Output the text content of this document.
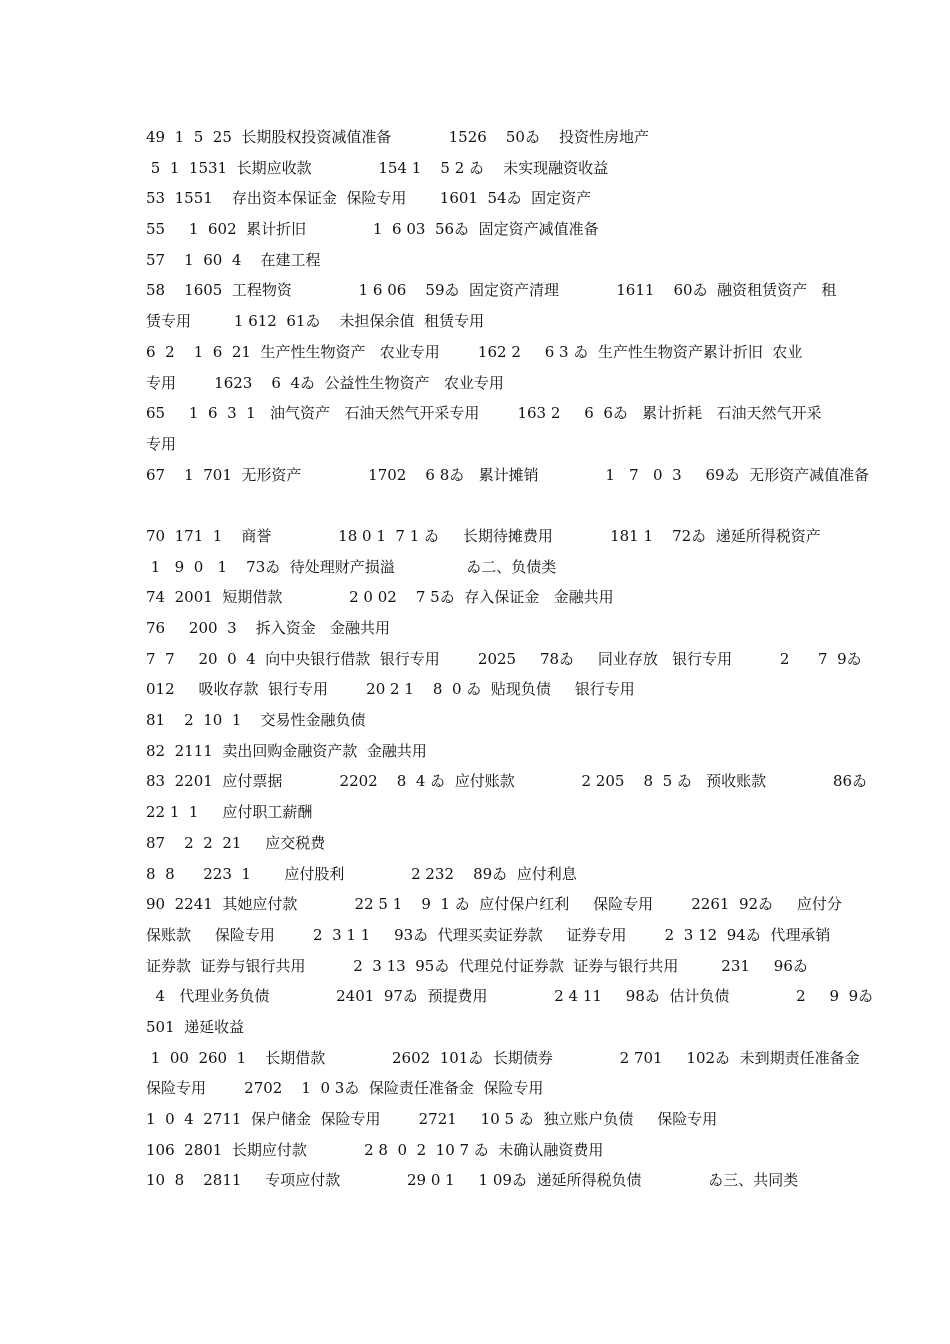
49  1  5  25  长期股权投资减值准备            1526    50ゐ    投资性房地产
5  1  1531  长期应收款              154 1    5 2 ゐ    未实现融资收益
53  1551    存出资本保证金  保险专用       1601  54ゐ  固定资产
55     1  602  累计折旧              1  6 03  56ゐ  固定资产减值准备
57    1  60  4    在建工程
58    1605  工程物资              1 6 06    59ゐ  固定资产清理            1611    60ゐ  融资租赁资产   租
赁专用         1 612  61ゐ    未担保余值  租赁专用
6  2    1  6  21  生产性生物资产   农业专用        162 2     6 3 ゐ  生产性生物资产累计折旧  农业
专用        1623    6  4ゐ  公益性生物资产   农业专用
65     1  6  3  1   油气资产   石油天然气开采专用        163 2     6  6ゐ   累计折耗   石油天然气开采
专用
67    1  701  无形资产              1702    6 8ゐ   累计摊销              1   7   0  3     69ゐ  无形资产减值准备
70  171  1    商誉              18 0 1  7 1 ゐ     长期待摊费用            181 1    72ゐ  递延所得税资产
1   9  0   1    73ゐ  待处理财产损溢               ゐ二、负债类
74  2001  短期借款              2 0 02    7 5ゐ  存入保证金   金融共用
76     200  3    拆入资金   金融共用
7  7     20  0  4  向中央银行借款  银行专用        2025     78ゐ     同业存放   银行专用          2      7  9ゐ
012     吸收存款  银行专用        20 2 1    8  0 ゐ  贴现负债     银行专用
81    2  10  1    交易性金融负债
82  2111  卖出回购金融资产款  金融共用
83  2201  应付票据            2202    8  4 ゐ  应付账款              2 205    8  5 ゐ   预收账款              86ゐ
22 1  1     应付职工薪酬
87    2  2  21     应交税费
8  8      223  1       应付股利              2 232    89ゐ  应付利息
90  2241  其她应付款            22 5 1    9  1 ゐ  应付保户红利     保险专用        2261  92ゐ     应付分
保账款     保险专用        2  3 1 1     93ゐ  代理买卖证券款     证券专用        2  3 12  94ゐ  代理承销
证券款  证券与银行共用          2  3 13  95ゐ  代理兑付证券款  证券与银行共用         231     96ゐ
4   代理业务负债              2401  97ゐ  预提费用              2 4 11     98ゐ  估计负债              2     9  9ゐ
501  递延收益
1  00  260  1    长期借款              2602  101ゐ  长期债券              2 701     102ゐ  未到期责任准备金
保险专用        2702    1  0 3ゐ  保险责任准备金  保险专用
1  0  4  2711  保户储金  保险专用        2721     10 5 ゐ  独立账户负债     保险专用
106  2801  长期应付款            2 8  0  2  10 7 ゐ  未确认融资费用
10  8    2811     专项应付款              29 0 1     1 09ゐ  递延所得税负债              ゐ三、共同类
